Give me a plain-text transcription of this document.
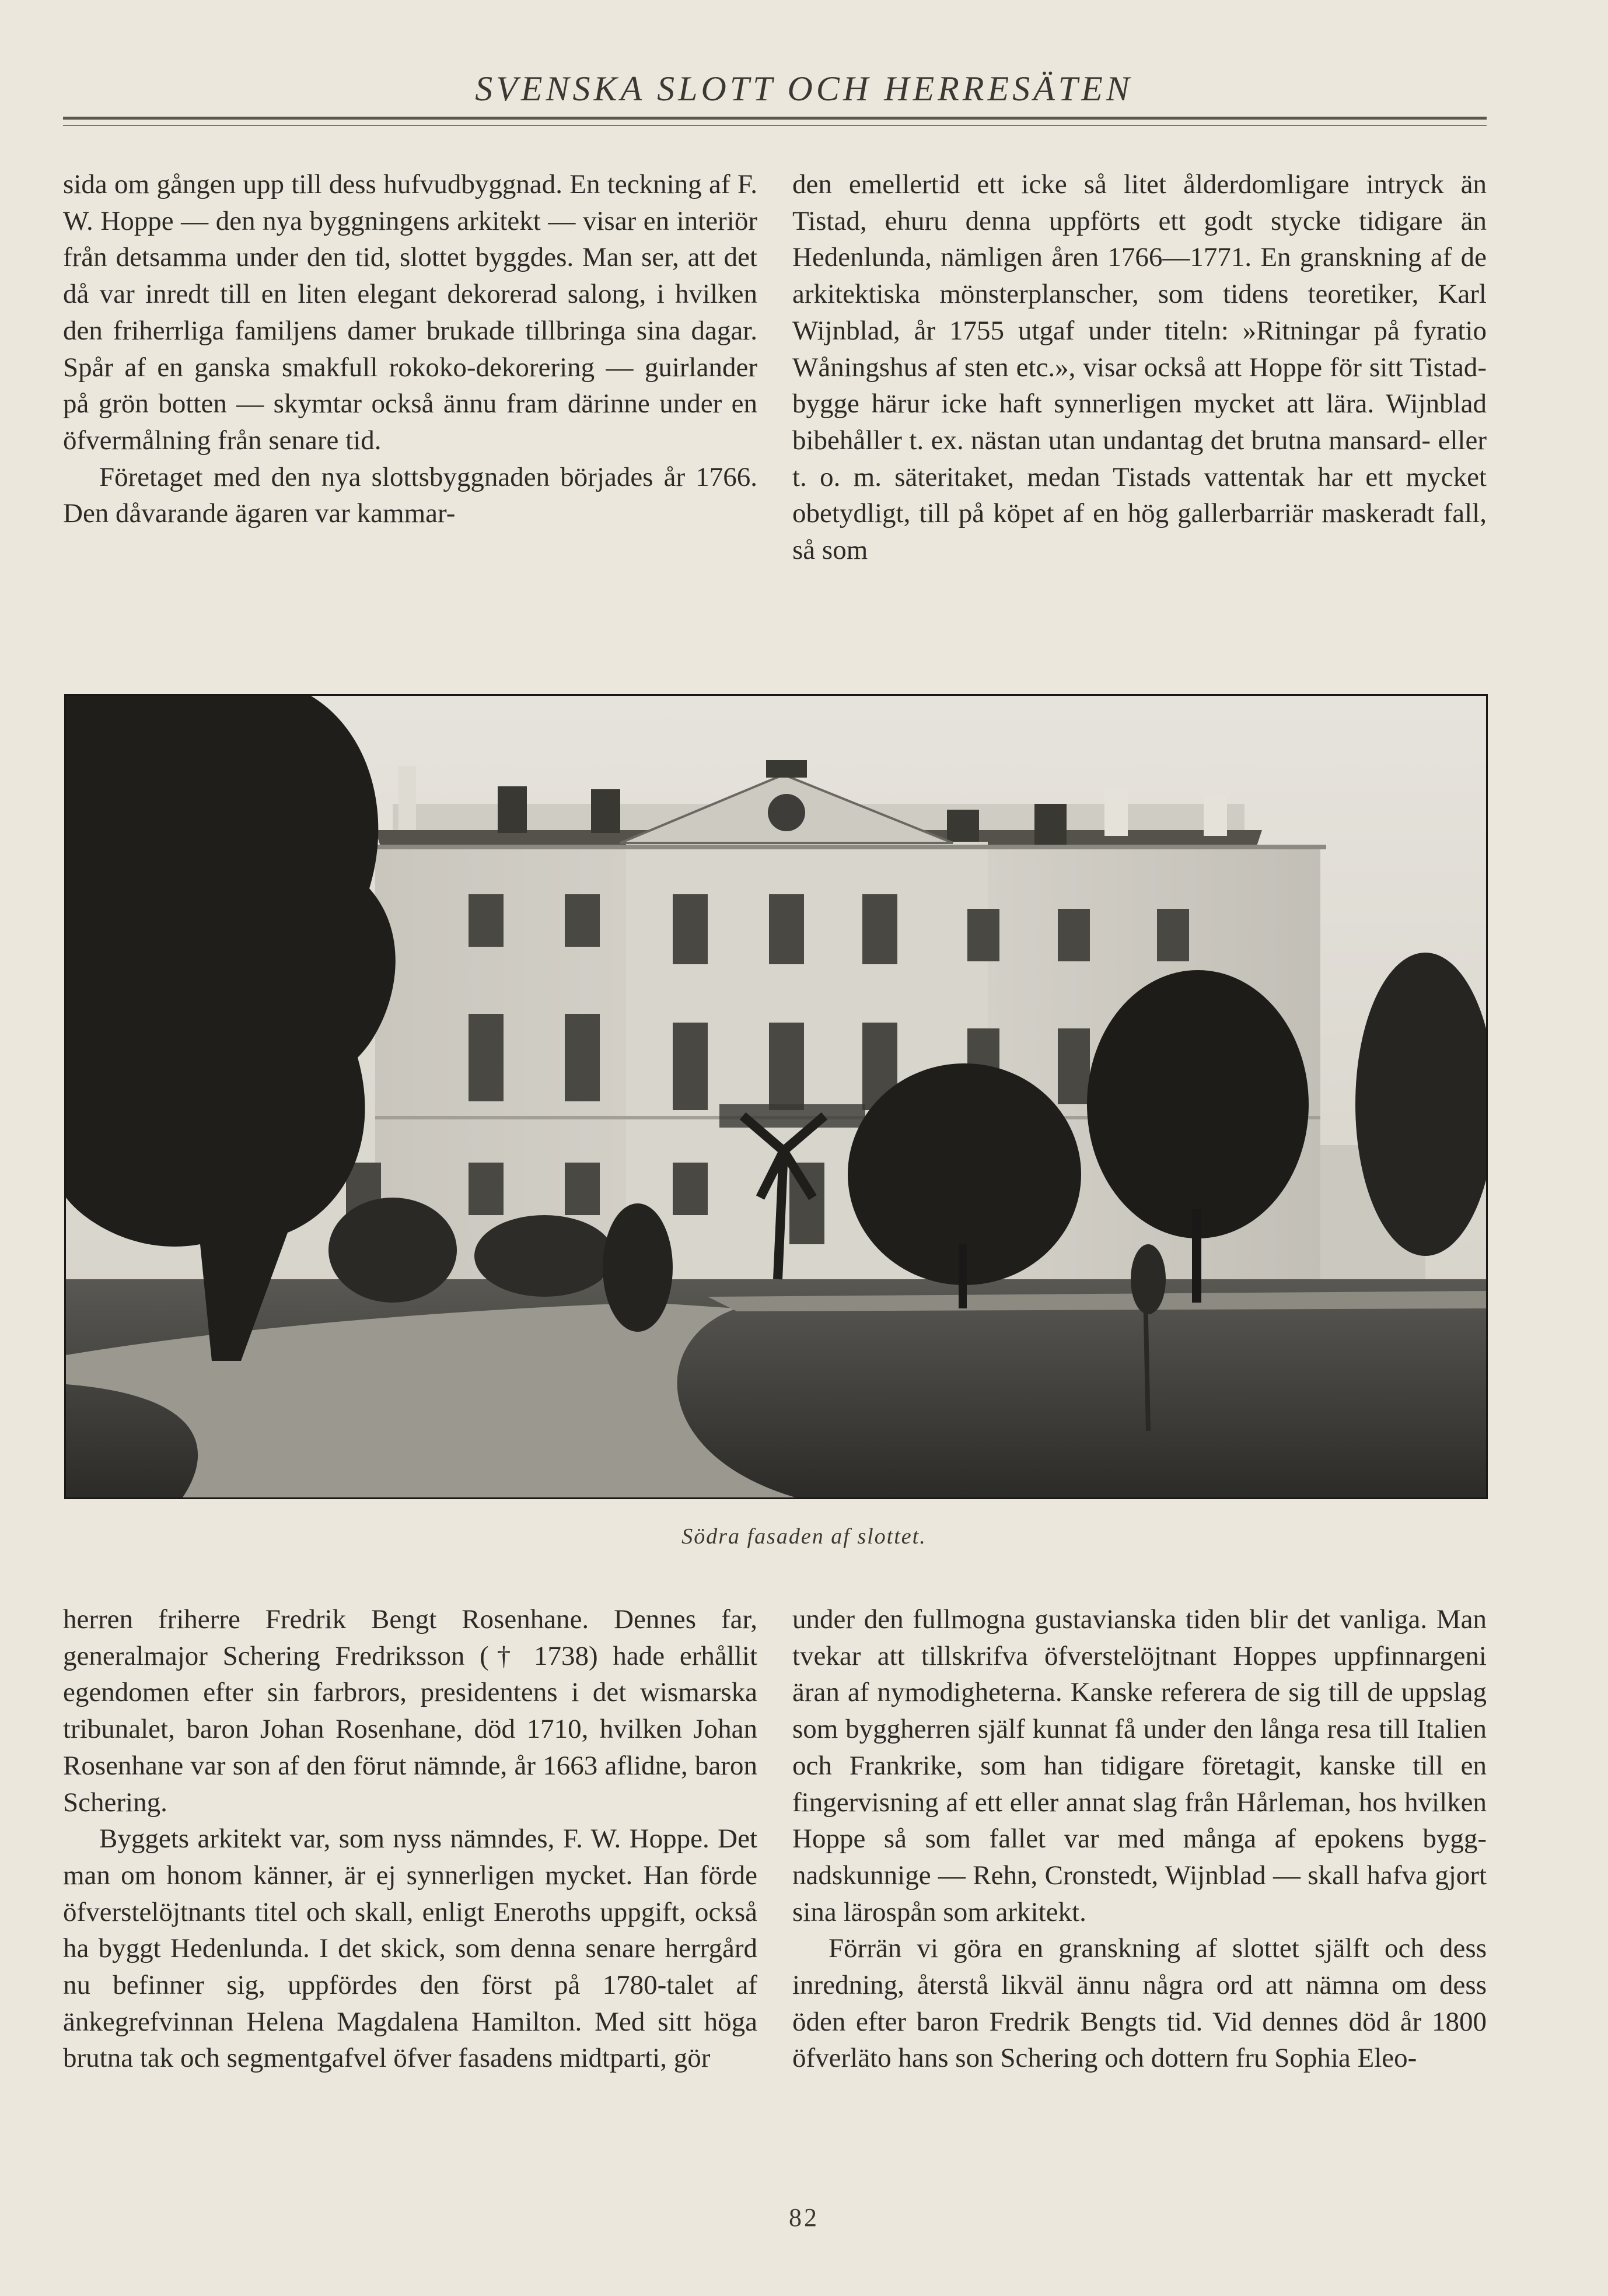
SVENSKA SLOTT OCH HERRESÄTEN

sida om gången upp till dess hufvudbyggnad. En teckning af F. W. Hoppe — den nya byggningens arkitekt — visar en interiör från detsamma under den tid, slottet byggdes. Man ser, att det då var inredt till en liten elegant dekorerad salong, i hvilken den friherrliga familjens damer brukade tillbringa sina dagar. Spår af en ganska smakfull rokoko-dekorering — guirlander på grön botten — skymtar också ännu fram därinne under en öfvermålning från senare tid.

Företaget med den nya slottsbyggnaden börjades år 1766. Den dåvarande ägaren var kammar-

den emellertid ett icke så litet ålderdomligare intryck än Tistad, ehuru denna uppförts ett godt stycke tidigare än Hedenlunda, nämligen åren 1766—1771. En granskning af de arkitektiska mönsterplanscher, som tidens teoretiker, Karl Wijnblad, år 1755 utgaf under titeln: »Ritningar på fyratio Wåningshus af sten etc.», visar också att Hoppe för sitt Tistad-bygge härur icke haft synnerligen mycket att lära. Wijnblad bibehåller t. ex. nästan utan undantag det brutna mansard- eller t. o. m. säteritaket, medan Tistads vattentak har ett mycket obetydligt, till på köpet af en hög gallerbarriär maskeradt fall, så som

Södra fasaden af slottet.

herren friherre Fredrik Bengt Rosenhane. Dennes far, generalmajor Schering Fredriksson († 1738) hade erhållit egendomen efter sin farbrors, presidentens i det wismarska tribunalet, baron Johan Rosenhane, död 1710, hvilken Johan Rosenhane var son af den förut nämnde, år 1663 aflidne, baron Schering.

Byggets arkitekt var, som nyss nämndes, F. W. Hoppe. Det man om honom känner, är ej synnerligen mycket. Han förde öfverstelöjtnants titel och skall, enligt Eneroths uppgift, också ha byggt Hedenlunda. I det skick, som denna senare herrgård nu befinner sig, uppfördes den först på 1780-talet af änkegrefvinnan Helena Magdalena Hamilton. Med sitt höga brutna tak och segmentgafvel öfver fasadens midtparti, gör

under den fullmogna gustavianska tiden blir det vanliga. Man tvekar att tillskrifva öfverstelöjtnant Hoppes uppfinnargeni äran af nymodigheterna. Kanske referera de sig till de uppslag som byggherren själf kunnat få under den långa resa till Italien och Frankrike, som han tidigare företagit, kanske till en fingervisning af ett eller annat slag från Hårleman, hos hvilken Hoppe så som fallet var med många af epokens byggnadskunnige — Rehn, Cronstedt, Wijnblad — skall hafva gjort sina lärospån som arkitekt.

Förrän vi göra en granskning af slottet själft och dess inredning, återstå likväl ännu några ord att nämna om dess öden efter baron Fredrik Bengts tid. Vid dennes död år 1800 öfverläto hans son Schering och dottern fru Sophia Eleo-

82
